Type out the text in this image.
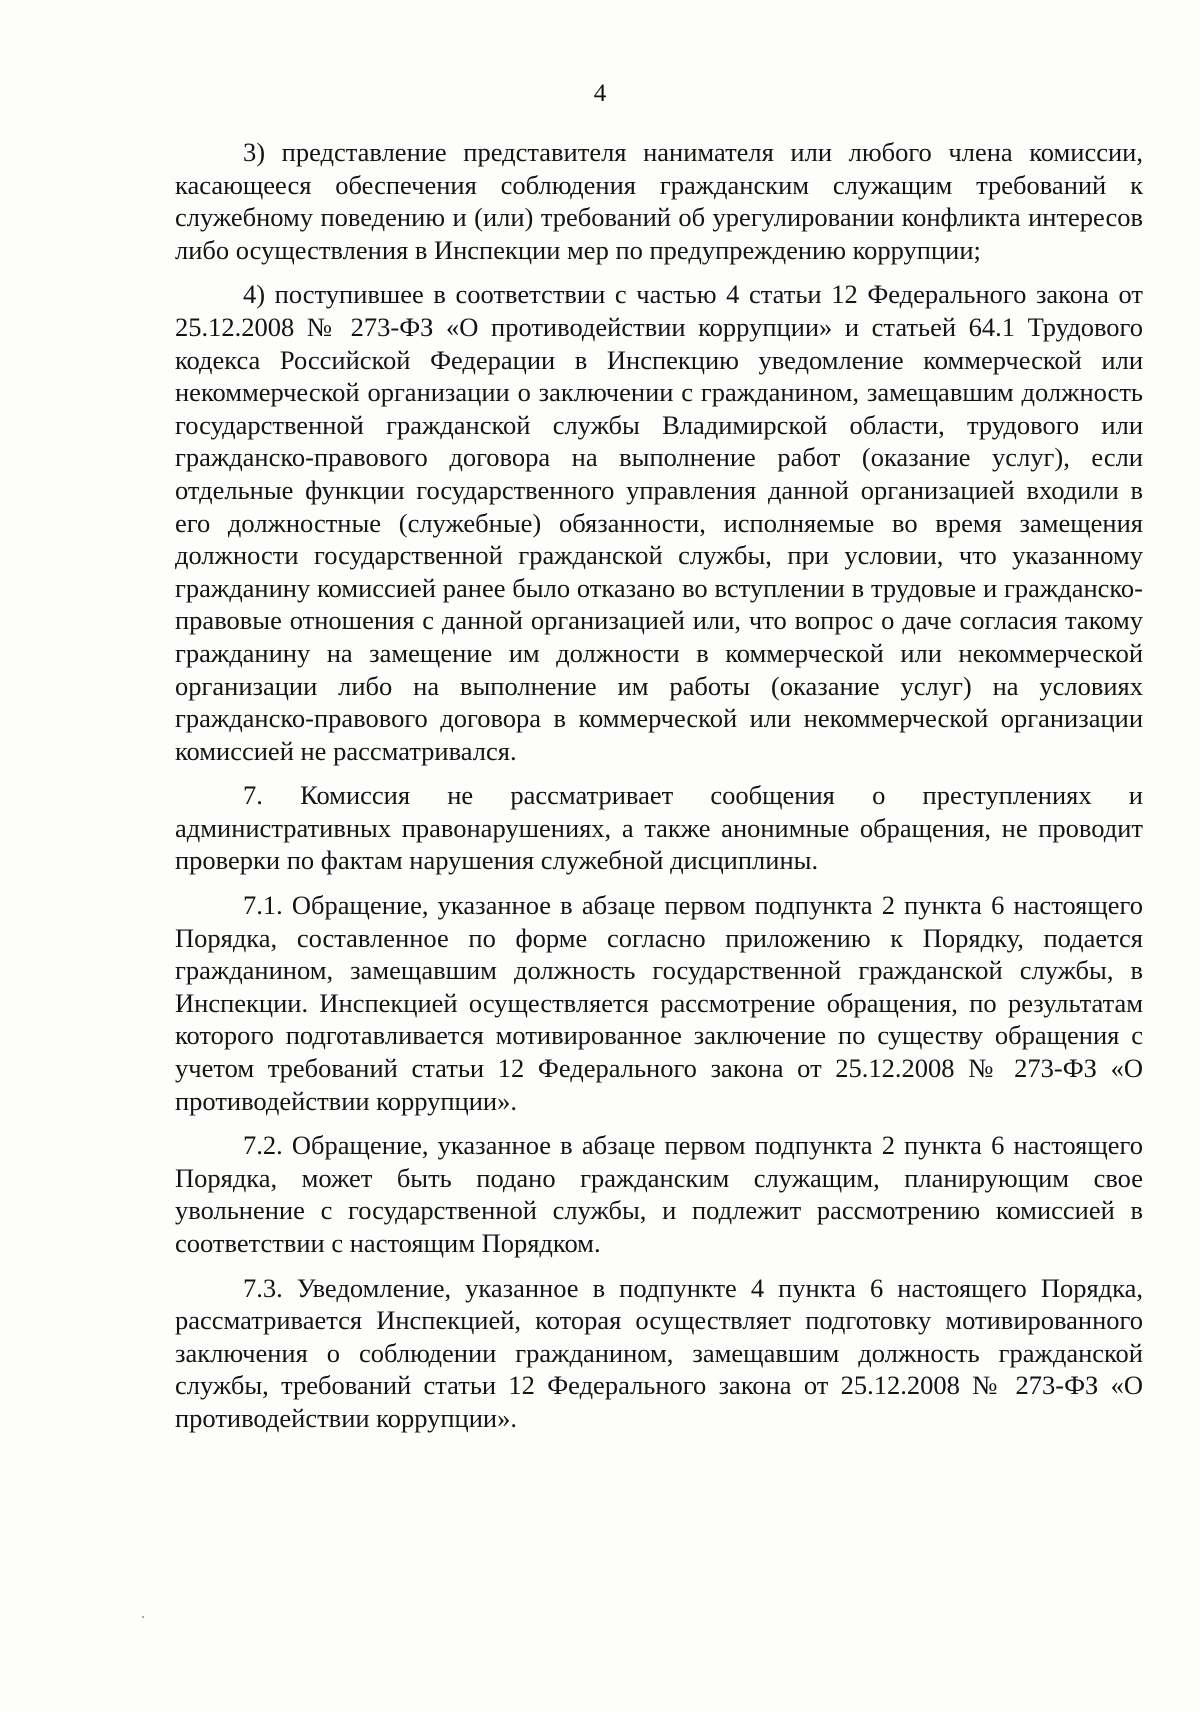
4

3) представление представителя нанимателя или любого члена комиссии, касающееся обеспечения соблюдения гражданским служащим требований к служебному поведению и (или) требований об урегулировании конфликта интересов либо осуществления в Инспекции мер по предупреждению коррупции;

4) поступившее в соответствии с частью 4 статьи 12 Федерального закона от 25.12.2008 № 273-ФЗ «О противодействии коррупции» и статьей 64.1 Трудового кодекса Российской Федерации в Инспекцию уведомление коммерческой или некоммерческой организации о заключении с гражданином, замещавшим должность государственной гражданской службы Владимирской области, трудового или гражданско-правового договора на выполнение работ (оказание услуг), если отдельные функции государственного управления данной организацией входили в его должностные (служебные) обязанности, исполняемые во время замещения должности государственной гражданской службы, при условии, что указанному гражданину комиссией ранее было отказано во вступлении в трудовые и гражданско-правовые отношения с данной организацией или, что вопрос о даче согласия такому гражданину на замещение им должности в коммерческой или некоммерческой организации либо на выполнение им работы (оказание услуг) на условиях гражданско-правового договора в коммерческой или некоммерческой организации комиссией не рассматривался.

7. Комиссия не рассматривает сообщения о преступлениях и административных правонарушениях, а также анонимные обращения, не проводит проверки по фактам нарушения служебной дисциплины.

7.1. Обращение, указанное в абзаце первом подпункта 2 пункта 6 настоящего Порядка, составленное по форме согласно приложению к Порядку, подается гражданином, замещавшим должность государственной гражданской службы, в Инспекции. Инспекцией осуществляется рассмотрение обращения, по результатам которого подготавливается мотивированное заключение по существу обращения с учетом требований статьи 12 Федерального закона от 25.12.2008 № 273-ФЗ «О противодействии коррупции».

7.2. Обращение, указанное в абзаце первом подпункта 2 пункта 6 настоящего Порядка, может быть подано гражданским служащим, планирующим свое увольнение с государственной службы, и подлежит рассмотрению комиссией в соответствии с настоящим Порядком.

7.3. Уведомление, указанное в подпункте 4 пункта 6 настоящего Порядка, рассматривается Инспекцией, которая осуществляет подготовку мотивированного заключения о соблюдении гражданином, замещавшим должность гражданской службы, требований статьи 12 Федерального закона от 25.12.2008 № 273-ФЗ «О противодействии коррупции».
